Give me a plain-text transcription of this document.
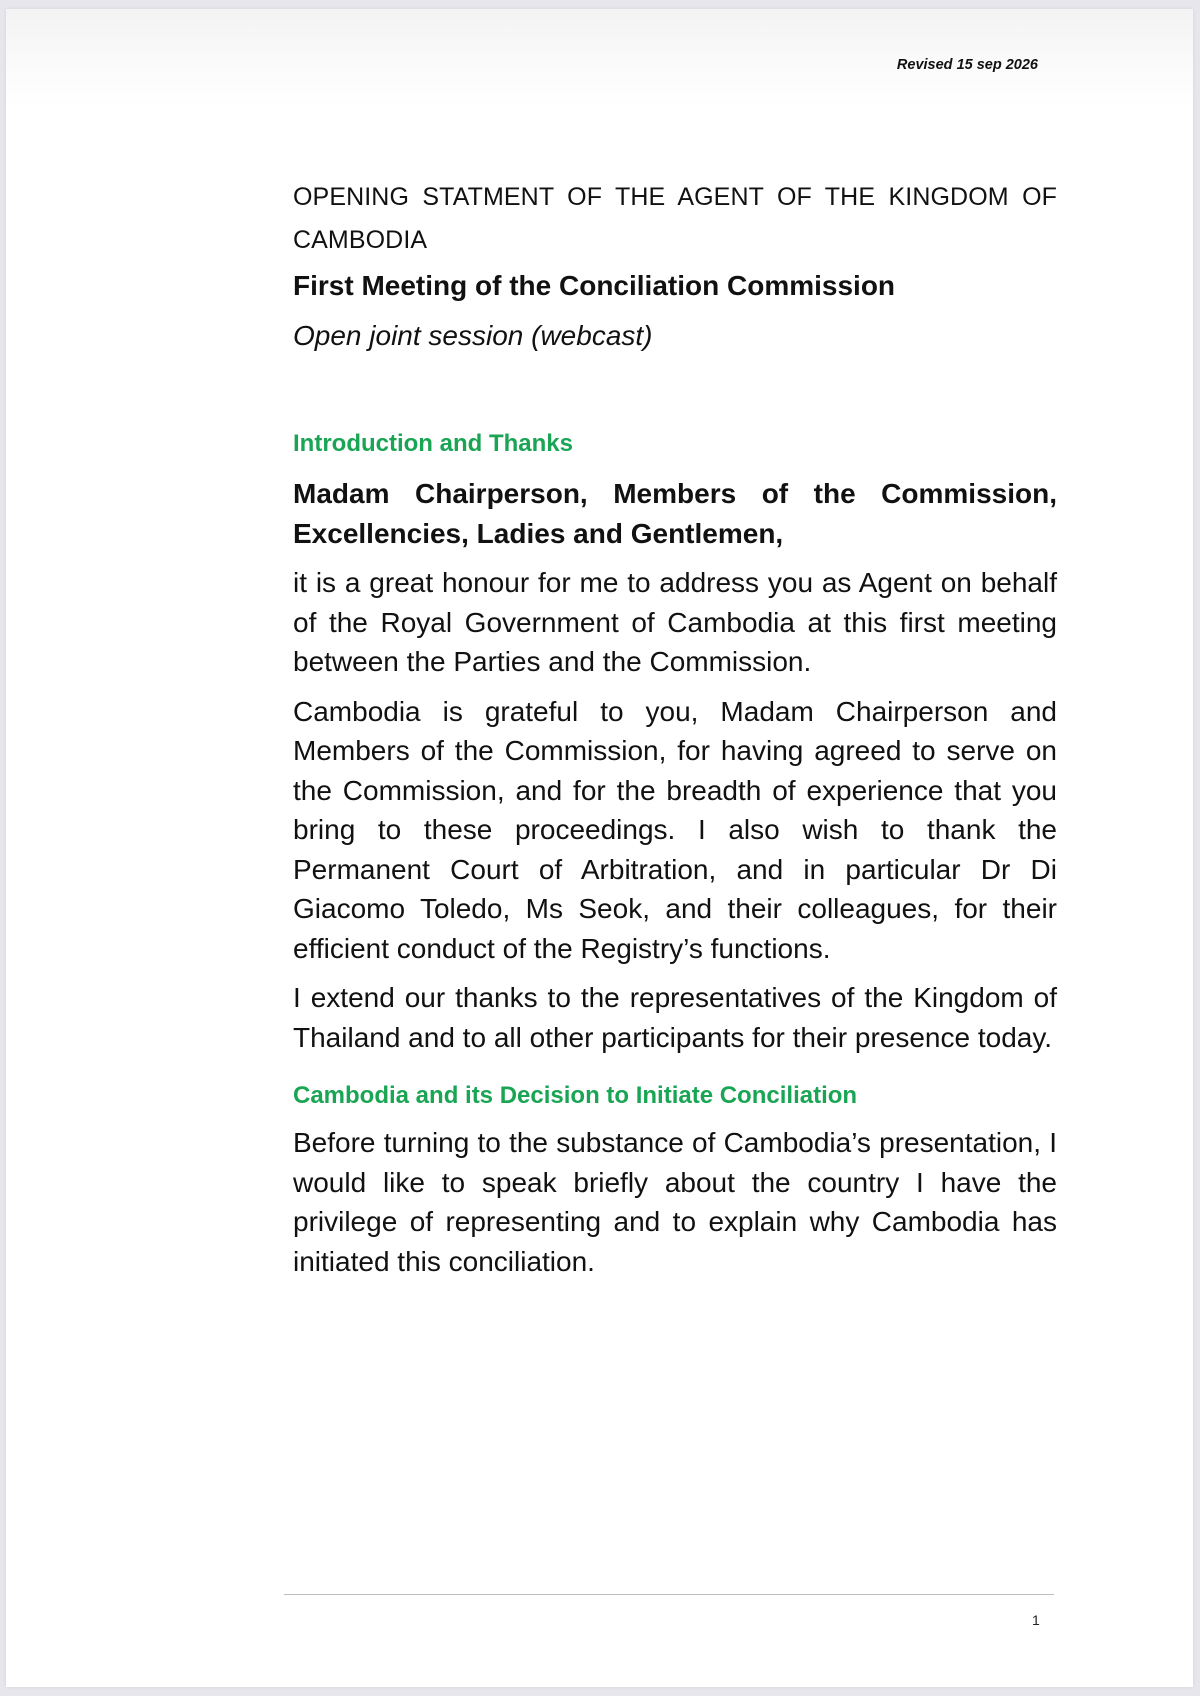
Revised 15 sep 2026
OPENING STATMENT OF THE AGENT OF THE KINGDOM OF CAMBODIA
First Meeting of the Conciliation Commission
Open joint session (webcast)
Introduction and Thanks

Madam Chairperson, Members of the Commission, Excellencies, Ladies and Gentlemen,

it is a great honour for me to address you as Agent on behalf of the Royal Government of Cambodia at this first meeting between the Parties and the Commission.

Cambodia is grateful to you, Madam Chairperson and Members of the Commission, for having agreed to serve on the Commission, and for the breadth of experience that you bring to these proceedings. I also wish to thank the Permanent Court of Arbitration, and in particular Dr Di Giacomo Toledo, Ms Seok, and their colleagues, for their efficient conduct of the Registry’s functions.

I extend our thanks to the representatives of the Kingdom of Thailand and to all other participants for their presence today.

Cambodia and its Decision to Initiate Conciliation

Before turning to the substance of Cambodia’s presentation, I would like to speak briefly about the country I have the privilege of representing and to explain why Cambodia has initiated this conciliation.

1
